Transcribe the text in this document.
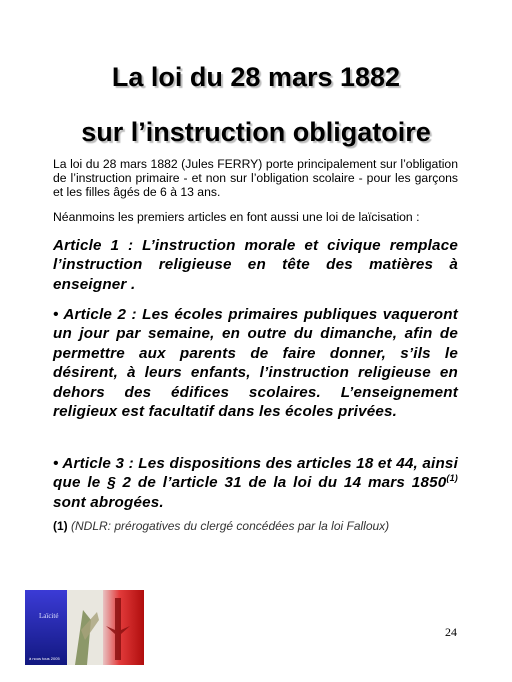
La loi du 28 mars 1882
sur l’instruction obligatoire
La loi du 28 mars 1882 (Jules FERRY) porte principalement sur l’obligation de l’instruction primaire - et non sur l’obligation scolaire - pour les garçons et les filles âgés de 6 à 13 ans.
Néanmoins les premiers articles en font aussi une loi de laïcisation :
Article 1 : L’instruction morale et civique remplace l’instruction religieuse en tête des matières à enseigner .
• Article 2 : Les écoles primaires publiques vaqueront un jour par semaine, en outre du dimanche, afin de permettre aux parents de faire donner, s’ils le désirent, à leurs enfants, l’instruction religieuse en dehors des édifices scolaires. L’enseignement religieux est facultatif dans les écoles privées.
• Article 3 : Les dispositions des articles 18 et 44, ainsi que le § 2 de l’article 31 de la loi du 14 mars 1850$^{(1)}$ sont abrogées.
(1) (NDLR: prérogatives du clergé concédées par la loi Falloux)
Laïcité
à nous tous 2005
24
